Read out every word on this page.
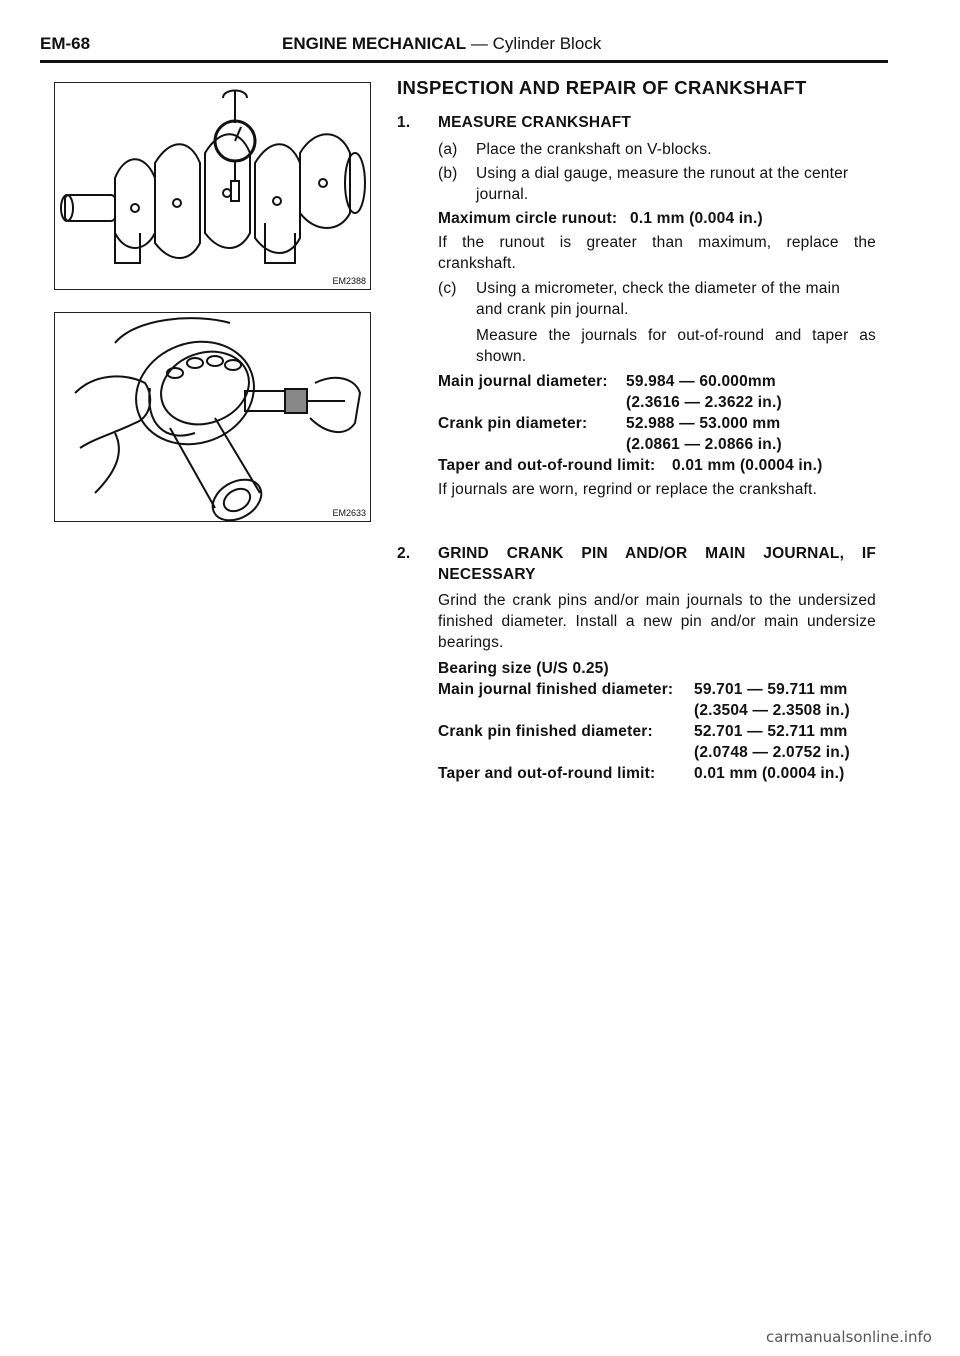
EM-68	ENGINE MECHANICAL — Cylinder Block
EM2388
EM2633
INSPECTION AND REPAIR OF CRANKSHAFT
1. MEASURE CRANKSHAFT
(a) Place the crankshaft on V-blocks.
(b) Using a dial gauge, measure the runout at the center
journal.
Maximum circle runout: 0.1 mm (0.004 in.)
If the runout is greater than maximum, replace the
crankshaft.
(c) Using a micrometer, check the diameter of the main
and crank pin journal.
Measure the journals for out-of-round and taper as
shown.
Main journal diameter: 59.984 — 60.000mm
(2.3616 — 2.3622 in.)
Crank pin diameter: 52.988 — 53.000 mm
(2.0861 — 2.0866 in.)
Taper and out-of-round limit: 0.01 mm (0.0004 in.)
If journals are worn, regrind or replace the crankshaft.
2. GRIND CRANK PIN AND/OR MAIN JOURNAL, IF
NECESSARY
Grind the crank pins and/or main journals to the undersized
finished diameter. Install a new pin and/or main undersize
bearings.
Bearing size (U/S 0.25)
Main journal finished diameter: 59.701 — 59.711 mm
(2.3504 — 2.3508 in.)
Crank pin finished diameter:	52.701 — 52.711 mm
(2.0748 — 2.0752 in.)
Taper and out-of-round limit: 0.01 mm (0.0004 in.)
carmanualsonline.info
